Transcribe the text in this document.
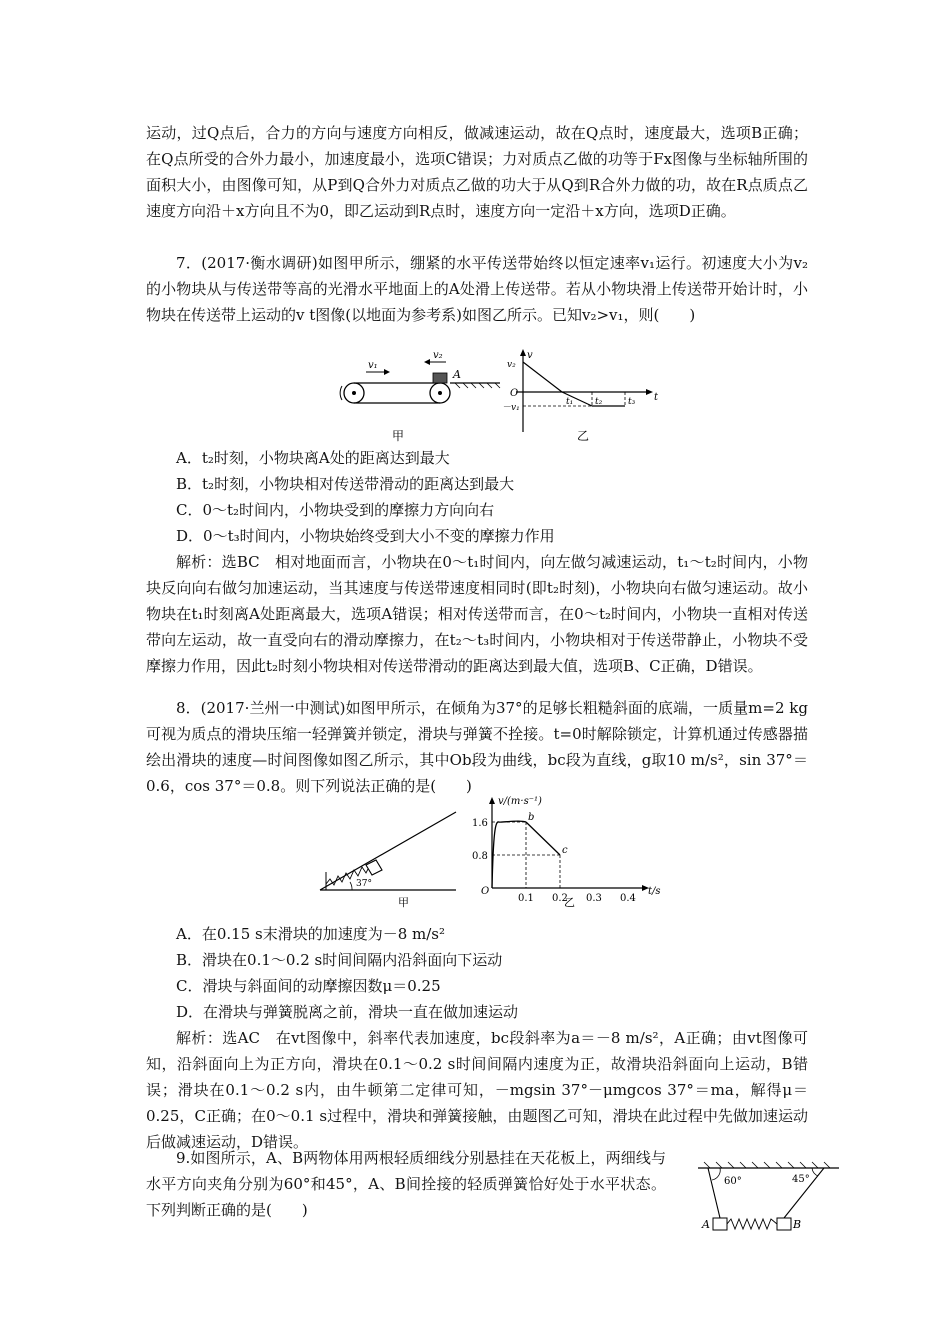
运动，过Q点后，合力的方向与速度方向相反，做减速运动，故在Q点时，速度最大，选项B正确；在Q点所受的合外力最小，加速度最小，选项C错误；力对质点乙做的功等于Fx图像与坐标轴所围的面积大小，由图像可知，从P到Q合外力对质点乙做的功大于从Q到R合外力做的功，故在R点质点乙速度方向沿＋x方向且不为0，即乙运动到R点时，速度方向一定沿＋x方向，选项D正确。

7．(2017·衡水调研)如图甲所示，绷紧的水平传送带始终以恒定速率v₁运行。初速度大小为v₂的小物块从与传送带等高的光滑水平地面上的A处滑上传送带。若从小物块滑上传送带开始计时，小物块在传送带上运动的v t图像(以地面为参考系)如图乙所示。已知v₂>v₁，则(　　)

v₁
v₂
A
甲
v
t
O
v₂
－v₁
t₁ t₂	t₃
乙

A．t₂时刻，小物块离A处的距离达到最大

B．t₂时刻，小物块相对传送带滑动的距离达到最大

C．0～t₂时间内，小物块受到的摩擦力方向向右

D．0～t₃时间内，小物块始终受到大小不变的摩擦力作用

解析：选BC　相对地面而言，小物块在0～t₁时间内，向左做匀减速运动，t₁～t₂时间内，小物块反向向右做匀加速运动，当其速度与传送带速度相同时(即t₂时刻)，小物块向右做匀速运动。故小物块在t₁时刻离A处距离最大，选项A错误；相对传送带而言，在0～t₂时间内，小物块一直相对传送带向左运动，故一直受向右的滑动摩擦力，在t₂～t₃时间内，小物块相对于传送带静止，小物块不受摩擦力作用，因此t₂时刻小物块相对传送带滑动的距离达到最大值，选项B、C正确，D错误。

8．(2017·兰州一中测试)如图甲所示，在倾角为37°的足够长粗糙斜面的底端，一质量m=2 kg可视为质点的滑块压缩一轻弹簧并锁定，滑块与弹簧不拴接。t=0时解除锁定，计算机通过传感器描绘出滑块的速度—时间图像如图乙所示，其中Ob段为曲线，bc段为直线，g取10 m/s²，sin 37°＝0.6，cos 37°＝0.8。则下列说法正确的是(　　)

37°
甲
v/(m·s⁻¹)
t/s
O
1.6
0.8
0.1 0.2 0.3 0.4
b
c
乙

A．在0.15 s末滑块的加速度为－8 m/s²

B．滑块在0.1～0.2 s时间间隔内沿斜面向下运动

C．滑块与斜面间的动摩擦因数μ＝0.25

D．在滑块与弹簧脱离之前，滑块一直在做加速运动

解析：选AC　在vt图像中，斜率代表加速度，bc段斜率为a＝－8 m/s²，A正确；由vt图像可知，沿斜面向上为正方向，滑块在0.1～0.2 s时间间隔内速度为正，故滑块沿斜面向上运动，B错误；滑块在0.1～0.2 s内，由牛顿第二定律可知，－mgsin 37°－μmgcos 37°＝ma，解得μ＝0.25，C正确；在0～0.1 s过程中，滑块和弹簧接触，由题图乙可知，滑块在此过程中先做加速运动后做减速运动，D错误。

9.如图所示，A、B两物体用两根轻质细线分别悬挂在天花板上，两细线与水平方向夹角分别为60°和45°，A、B间拴接的轻质弹簧恰好处于水平状态。下列判断正确的是(　　)

60°	45°
A	B
